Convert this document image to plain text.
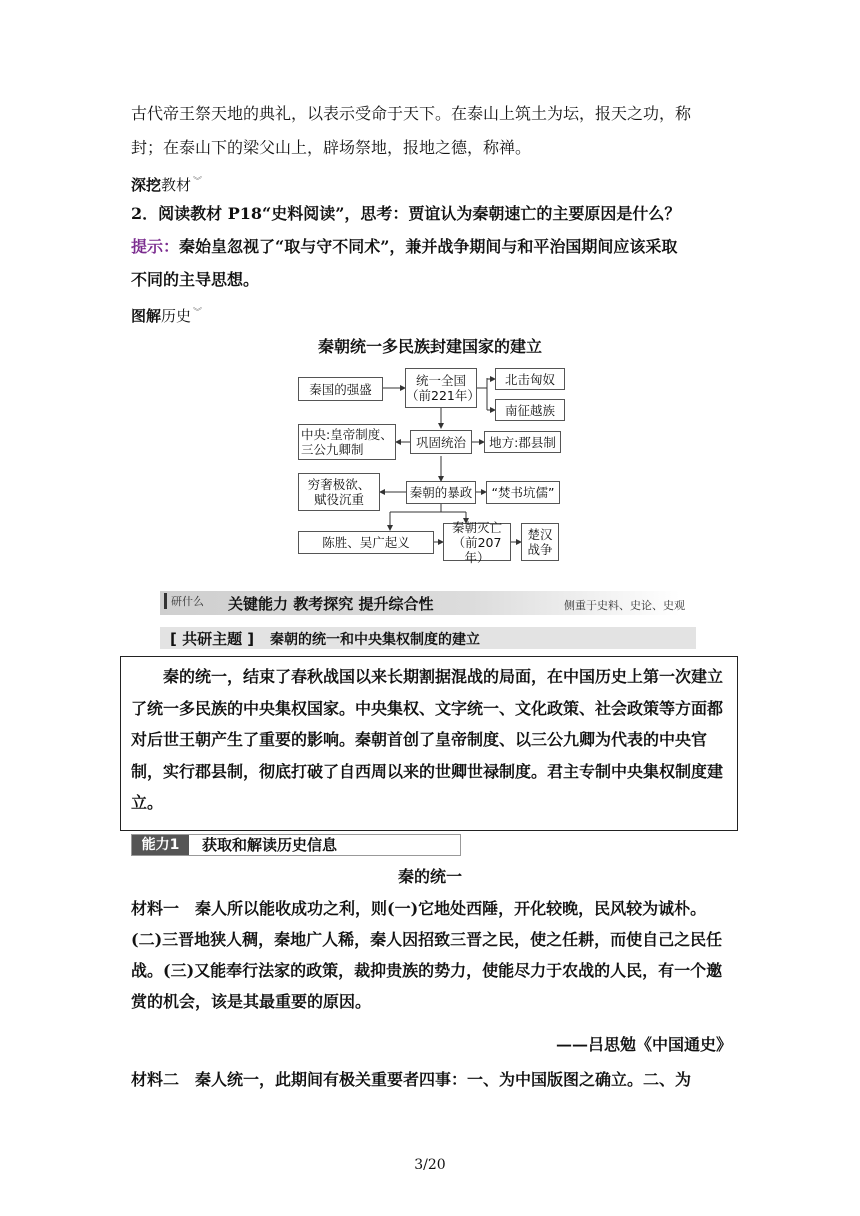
古代帝王祭天地的典礼，以表示受命于天下。在泰山上筑土为坛，报天之功，称
封；在泰山下的梁父山上，辟场祭地，报地之德，称禅。
深挖教材 ︾
2．阅读教材 P18“史料阅读”，思考：贾谊认为秦朝速亡的主要原因是什么？
提示：秦始皇忽视了“取与守不同术”，兼并战争期间与和平治国期间应该采取
不同的主导思想。
图解历史 ︾
秦朝统一多民族封建国家的建立
秦国的强盛
统一全国
（前221年）
北击匈奴
南征越族
中央:皇帝制度、
三公九卿制	巩固统治	地方:郡县制
穷奢极欲、
赋役沉重	秦朝的暴政	“焚书坑儒”
陈胜、吴广起义
秦朝灭亡
（前207年）
楚汉
战争
研什么 关键能力 教考探究 提升综合性	侧重于史料、史论、史观
[ 共研主题 ] 秦朝的统一和中央集权制度的建立
秦的统一，结束了春秋战国以来长期割据混战的局面，在中国历史上第一次建立了统一多民族的中央集权国家。中央集权、文字统一、文化政策、社会政策等方面都对后世王朝产生了重要的影响。秦朝首创了皇帝制度、以三公九卿为代表的中央官制，实行郡县制，彻底打破了自西周以来的世卿世禄制度。君主专制中央集权制度建立。
能力1	获取和解读历史信息
秦的统一
材料一　秦人所以能收成功之利，则(一)它地处西陲，开化较晚，民风较为诚朴。(二)三晋地狭人稠，秦地广人稀，秦人因招致三晋之民，使之任耕，而使自己之民任战。(三)又能奉行法家的政策，裁抑贵族的势力，使能尽力于农战的人民，有一个邀赏的机会，该是其最重要的原因。
——吕思勉《中国通史》
材料二　秦人统一，此期间有极关重要者四事：一、为中国版图之确立。二、为
3/20
